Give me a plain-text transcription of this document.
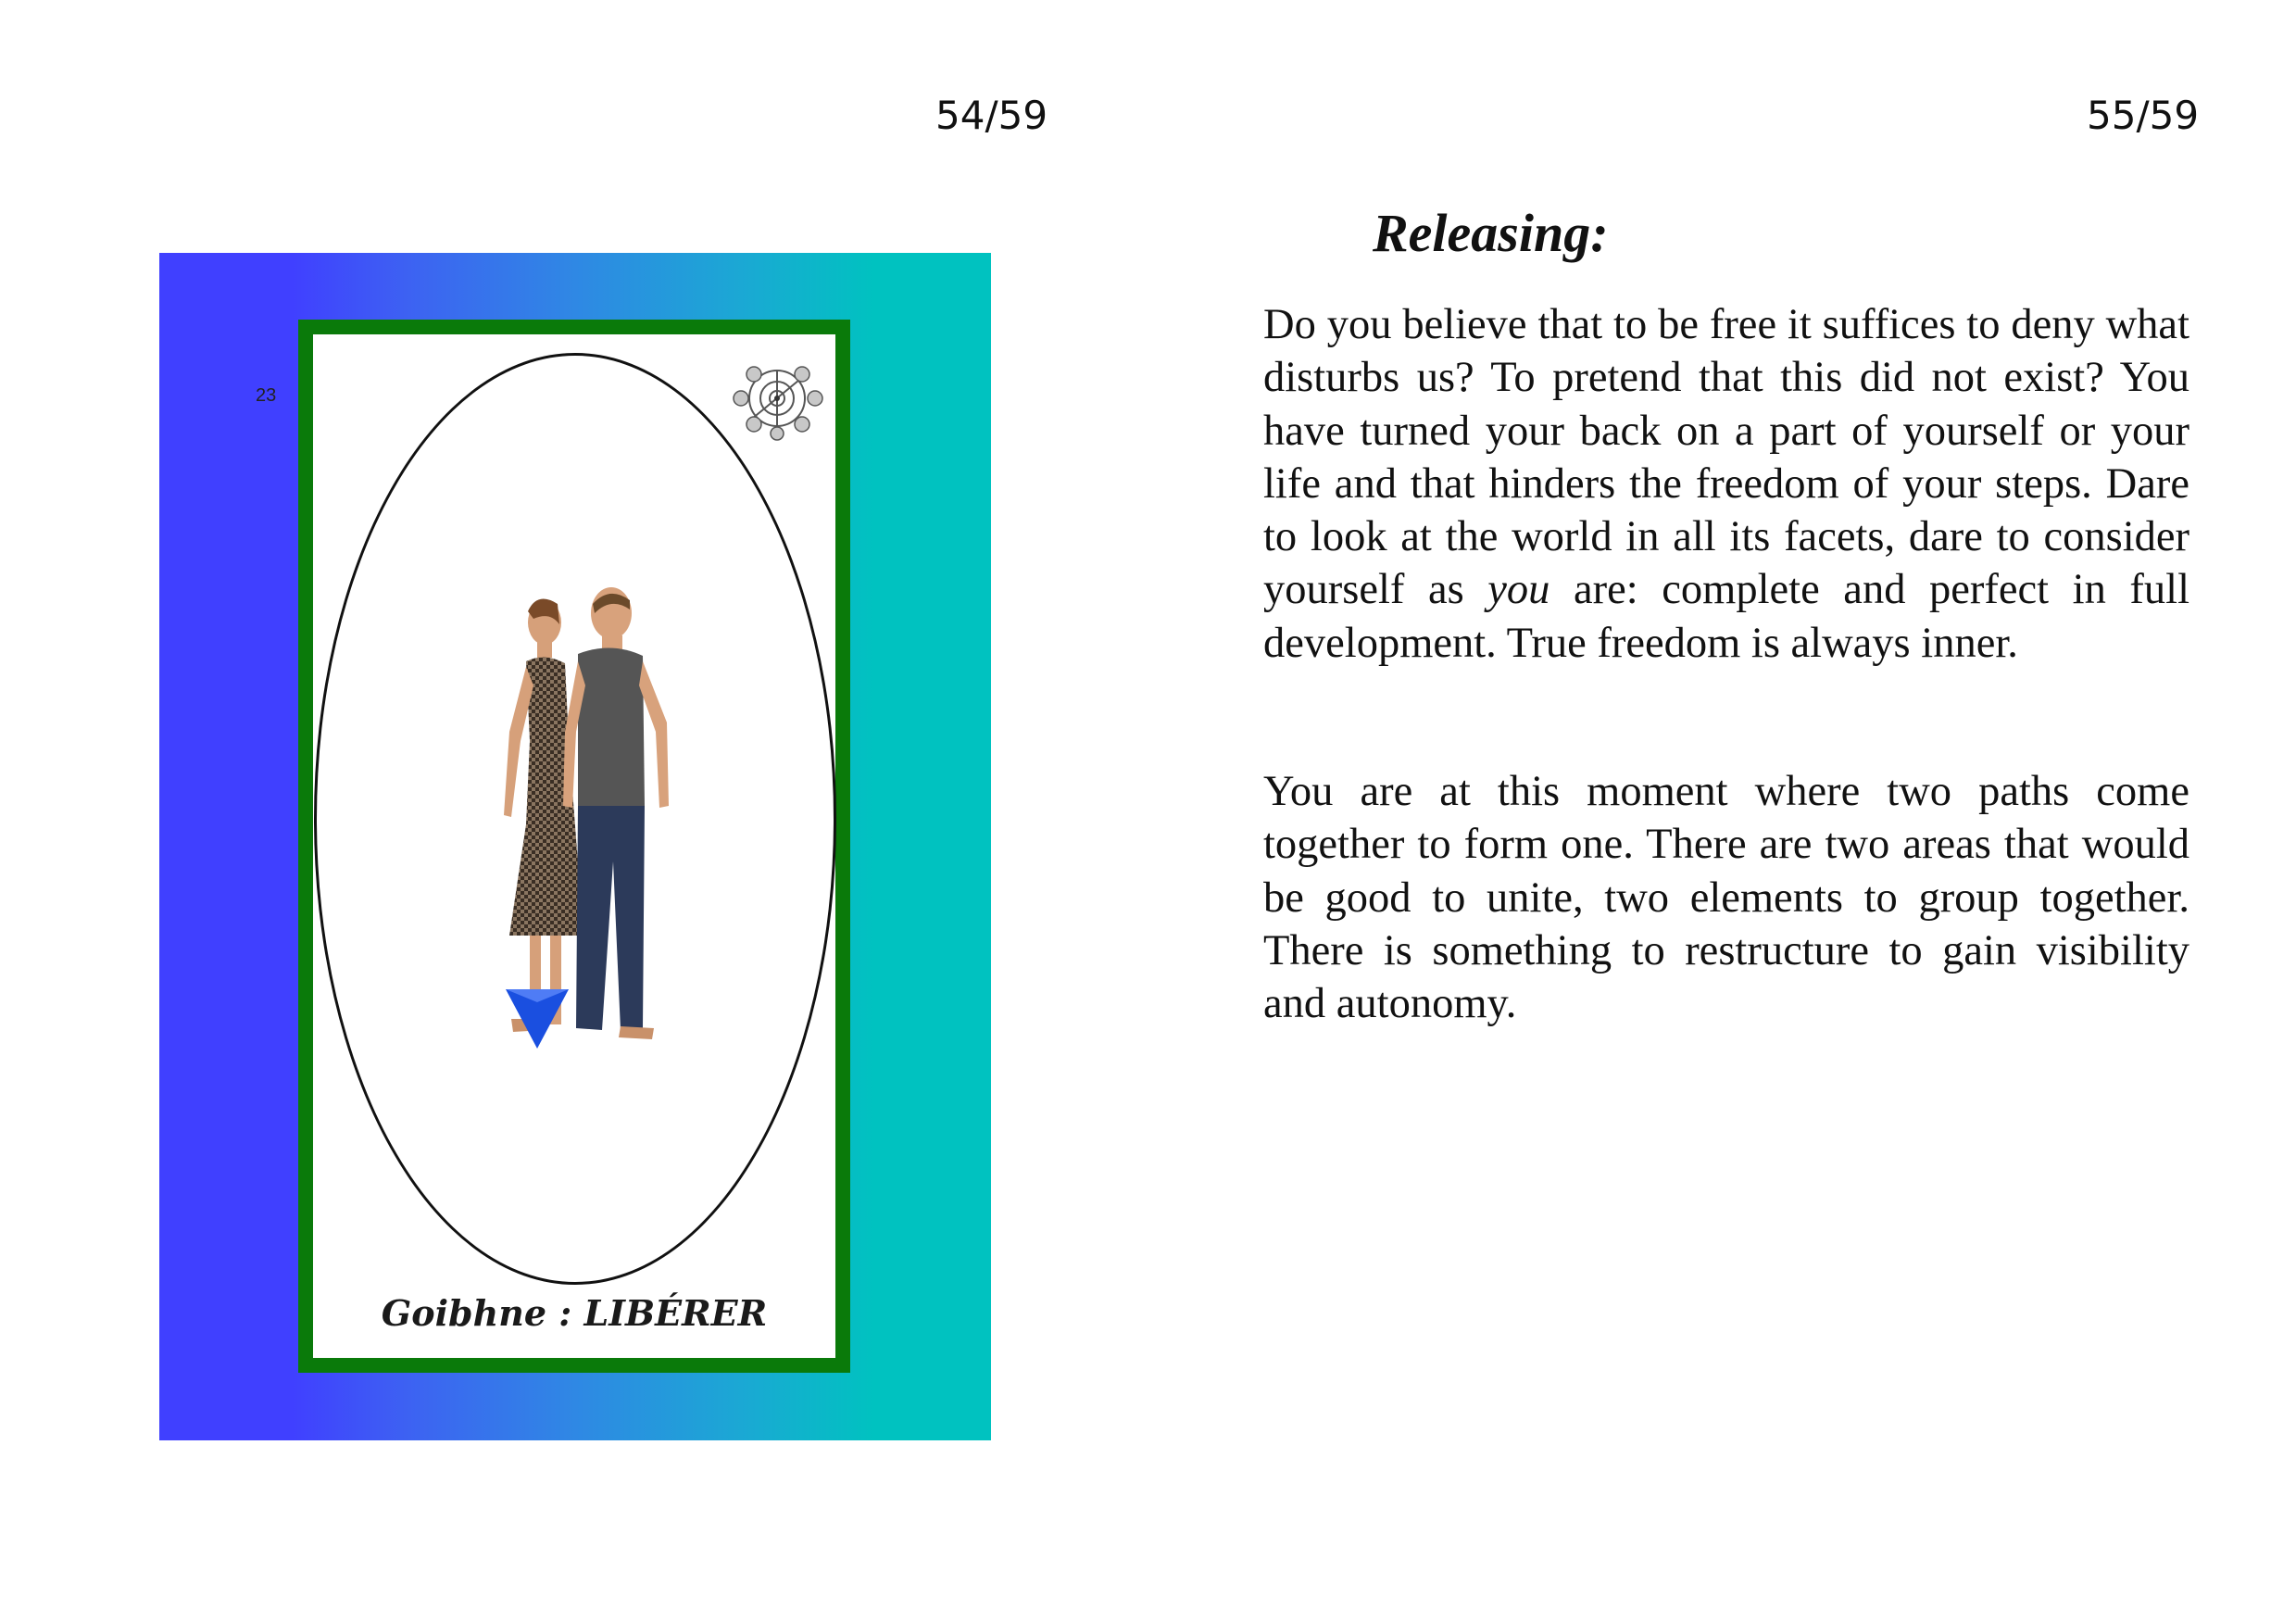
54/59
23
Goibhne : LIBÉRER
55/59
Releasing:

Do you believe that to be free it suffices to deny what disturbs us? To pretend that this did not exist? You have turned your back on a part of yourself or your life and that hinders the freedom of your steps. Dare to look at the world in all its facets, dare to consider yourself as you are: complete and perfect in full development. True freedom is always inner.

You are at this moment where two paths come together to form one. There are two areas that would be good to unite, two elements to group together. There is something to restructure to gain visibility and autonomy.
